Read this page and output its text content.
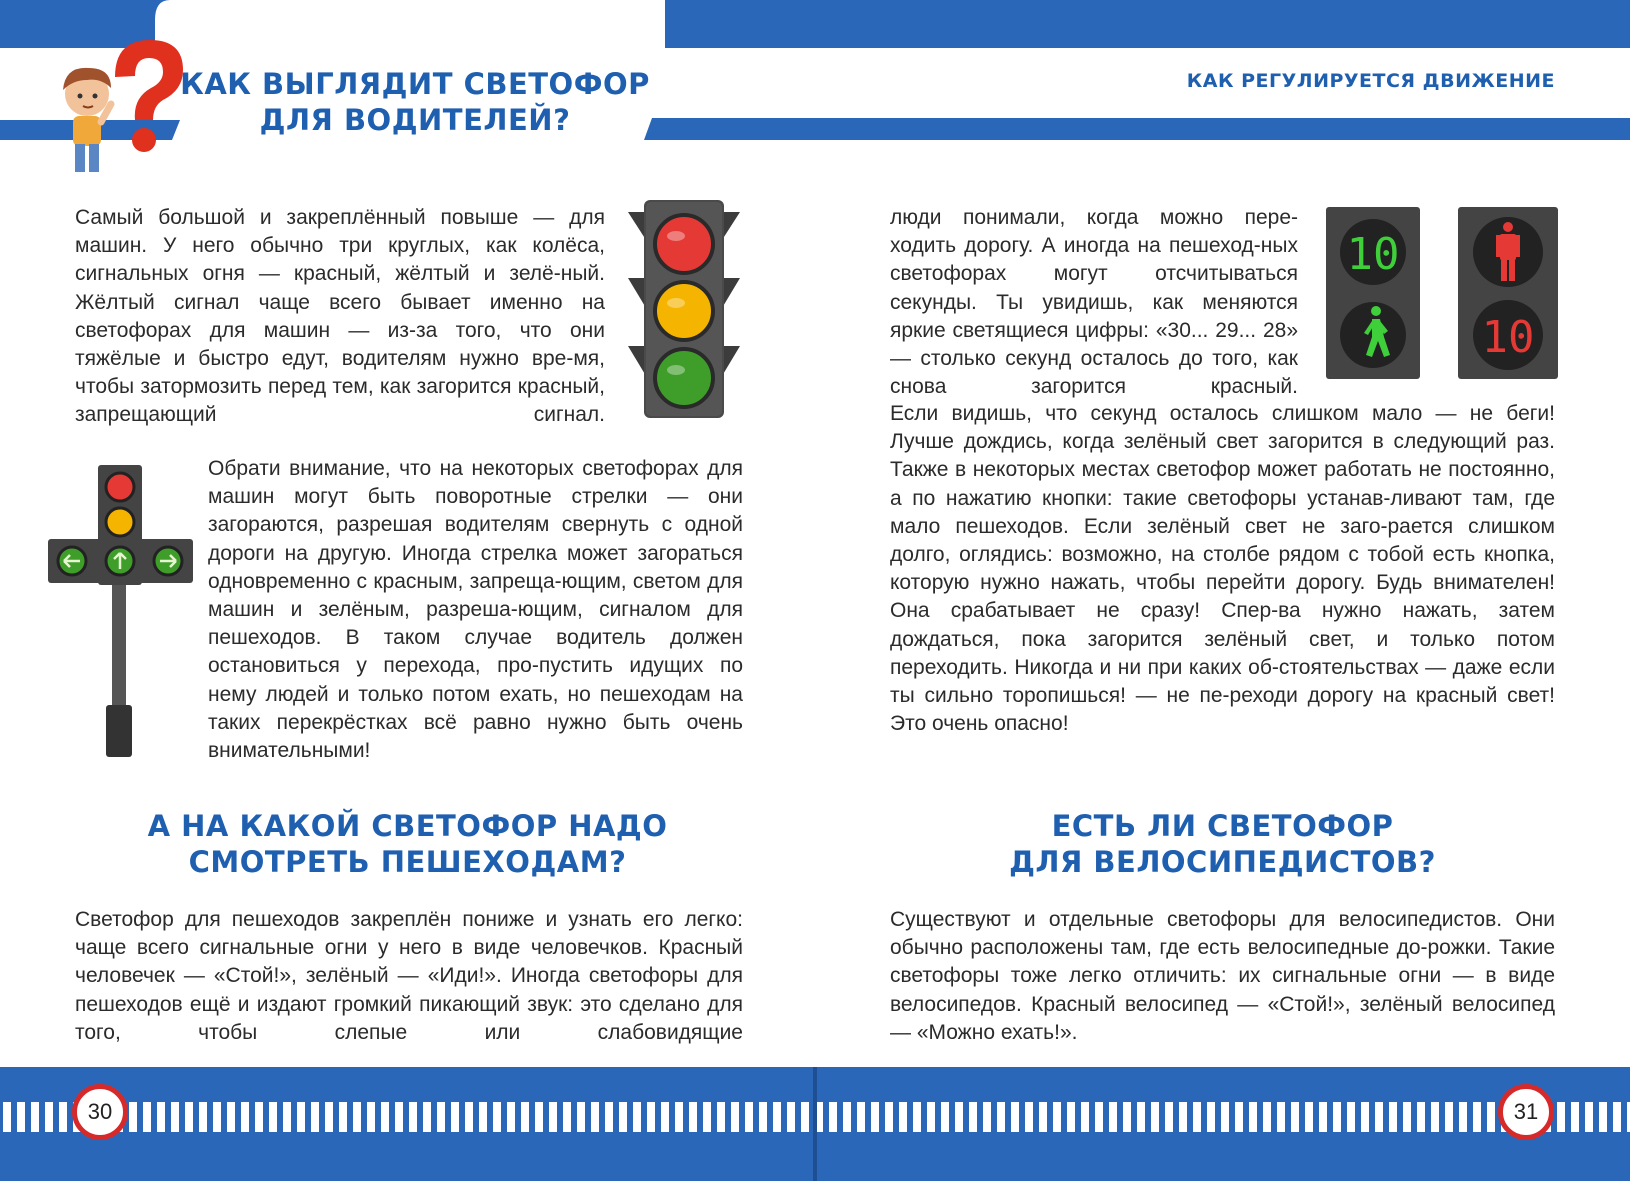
КАК ВЫГЛЯДИТ СВЕТОФОР
ДЛЯ ВОДИТЕЛЕЙ?
КАК РЕГУЛИРУЕТСЯ ДВИЖЕНИЕ
Самый большой и закреплённый повыше — для машин. У него обычно три круглых, как колёса, сигнальных огня — красный, жёлтый и зелё-ный. Жёлтый сигнал чаще всего бывает именно на светофорах для машин — из-за того, что они тяжёлые и быстро едут, водителям нужно вре-мя, чтобы затормозить перед тем, как загорится красный, запрещающий сигнал.
Обрати внимание, что на некоторых светофорах для машин могут быть поворотные стрелки — они загораются, разрешая водителям свернуть с одной дороги на другую. Иногда стрелка может загораться одновременно с красным, запреща-ющим, светом для машин и зелёным, разреша-ющим, сигналом для пешеходов. В таком случае водитель должен остановиться у перехода, про-пустить идущих по нему людей и только потом ехать, но пешеходам на таких перекрёстках всё равно нужно быть очень внимательными!
А НА КАКОЙ СВЕТОФОР НАДО
СМОТРЕТЬ ПЕШЕХОДАМ?
Светофор для пешеходов закреплён пониже и узнать его легко: чаще всего сигнальные огни у него в виде человечков. Красный человечек — «Стой!», зелёный — «Иди!». Иногда светофоры для пешеходов ещё и издают громкий пикающий звук: это сделано для того, чтобы слепые или слабовидящие
люди понимали, когда можно пере-ходить дорогу. А иногда на пешеход-ных светофорах могут отсчитываться секунды. Ты увидишь, как меняются яркие светящиеся цифры: «30... 29... 28» — столько секунд осталось до того, как снова загорится красный.
10
10
Если видишь, что секунд осталось слишком мало — не беги! Лучше дождись, когда зелёный свет загорится в следующий раз. Также в некоторых местах светофор может работать не постоянно, а по нажатию кнопки: такие светофоры устанав-ливают там, где мало пешеходов. Если зелёный свет не заго-рается слишком долго, оглядись: возможно, на столбе рядом с тобой есть кнопка, которую нужно нажать, чтобы перейти дорогу. Будь внимателен! Она срабатывает не сразу! Спер-ва нужно нажать, затем дождаться, пока загорится зелёный свет, и только потом переходить. Никогда и ни при каких об-стоятельствах — даже если ты сильно торопишься! — не пе-реходи дорогу на красный свет! Это очень опасно!
ЕСТЬ ЛИ СВЕТОФОР
ДЛЯ ВЕЛОСИПЕДИСТОВ?
Существуют и отдельные светофоры для велосипедистов. Они обычно расположены там, где есть велосипедные до-рожки. Такие светофоры тоже легко отличить: их сигнальные огни — в виде велосипедов. Красный велосипед — «Стой!», зелёный велосипед — «Можно ехать!».
30	31
